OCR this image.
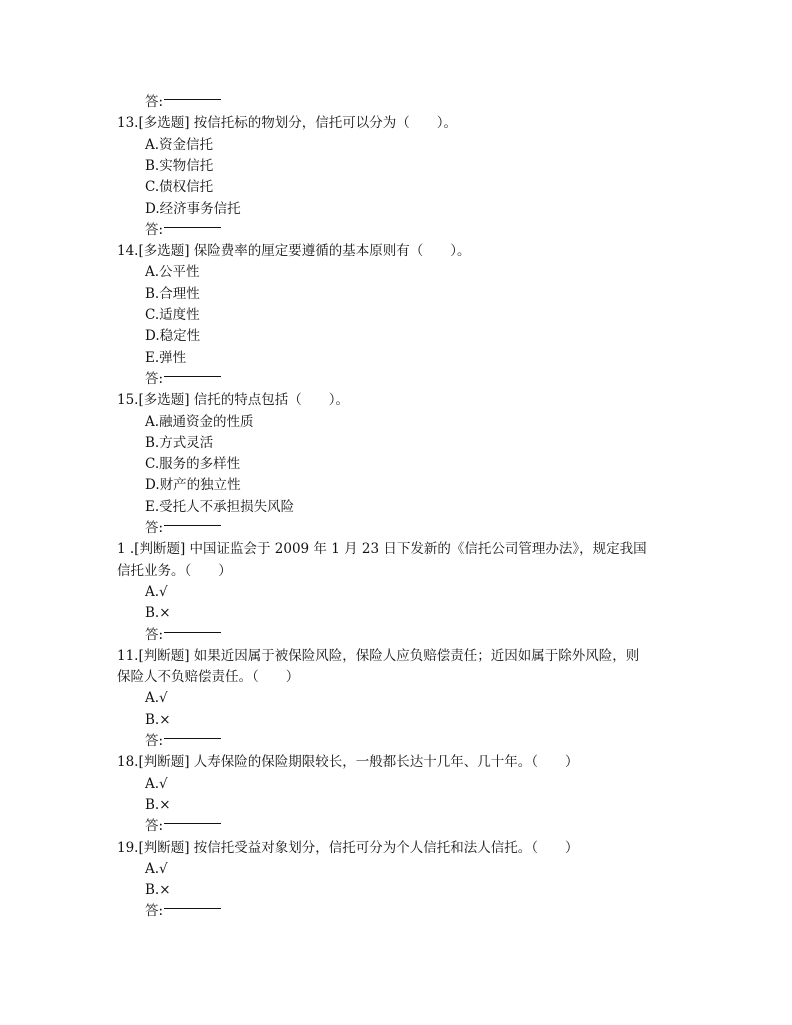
答:
13.[多选题] 按信托标的物划分，信托可以分为（　　）。
A.资金信托
B.实物信托
C.债权信托
D.经济事务信托
答:
14.[多选题] 保险费率的厘定要遵循的基本原则有（　　）。
A.公平性
B.合理性
C.适度性
D.稳定性
E.弹性
答:
15.[多选题] 信托的特点包括（　　）。
A.融通资金的性质
B.方式灵活
C.服务的多样性
D.财产的独立性
E.受托人不承担损失风险
答:
1 .[判断题] 中国证监会于 2009 年 1 月 23 日下发新的《信托公司管理办法》，规定我国
信托业务。（　　）
A.√
B.×
答:
11.[判断题] 如果近因属于被保险风险，保险人应负赔偿责任；近因如属于除外风险，则
保险人不负赔偿责任。（　　）
A.√
B.×
答:
18.[判断题] 人寿保险的保险期限较长，一般都长达十几年、几十年。（　　）
A.√
B.×
答:
19.[判断题] 按信托受益对象划分，信托可分为个人信托和法人信托。（　　）
A.√
B.×
答:
